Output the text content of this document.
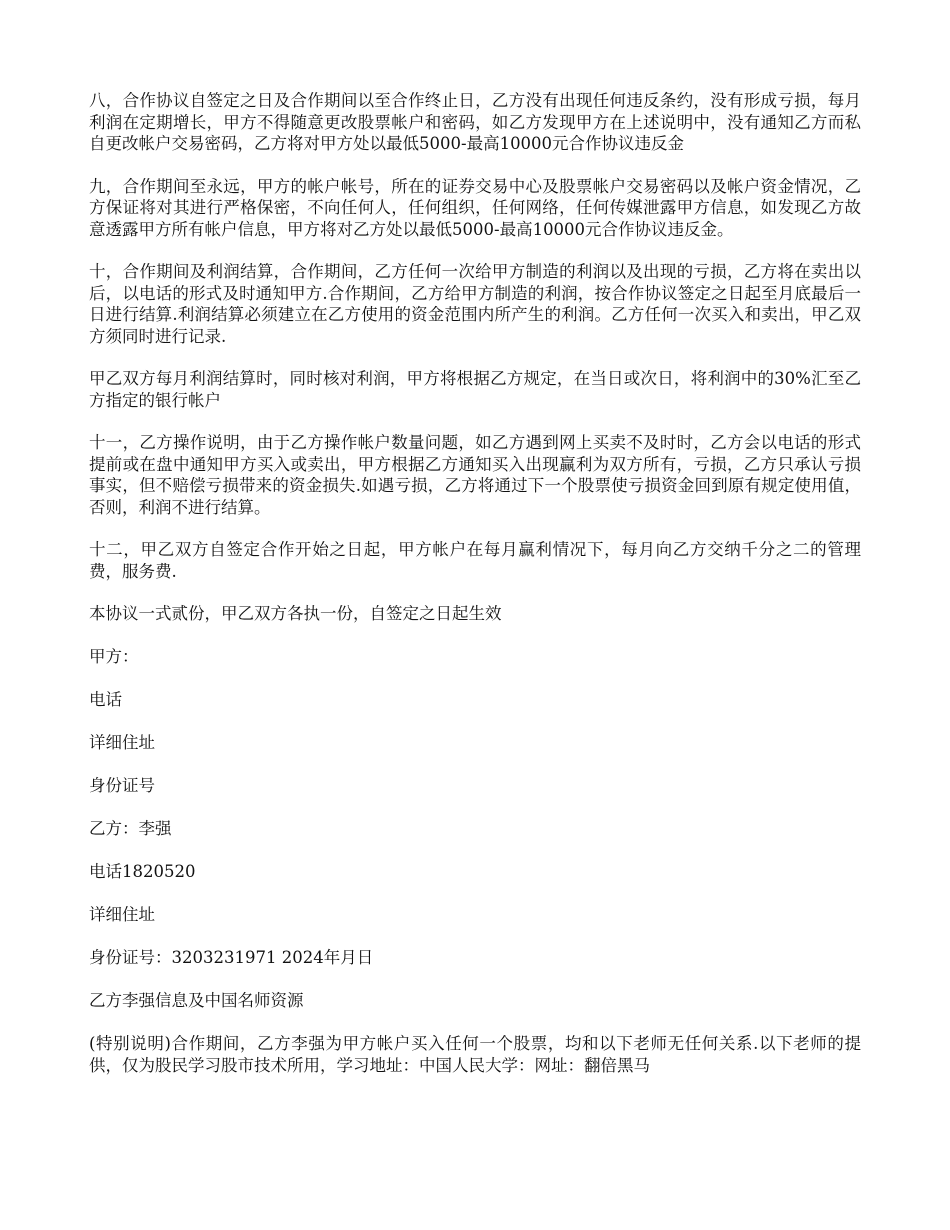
八，合作协议自签定之日及合作期间以至合作终止日，乙方没有出现任何违反条约，没有形成亏损，每月利润在定期增长，甲方不得随意更改股票帐户和密码，如乙方发现甲方在上述说明中，没有通知乙方而私自更改帐户交易密码，乙方将对甲方处以最低5000-最高10000元合作协议违反金

九，合作期间至永远，甲方的帐户帐号，所在的证券交易中心及股票帐户交易密码以及帐户资金情况，乙方保证将对其进行严格保密，不向任何人，任何组织，任何网络，任何传媒泄露甲方信息，如发现乙方故意透露甲方所有帐户信息，甲方将对乙方处以最低5000-最高10000元合作协议违反金。

十，合作期间及利润结算，合作期间，乙方任何一次给甲方制造的利润以及出现的亏损，乙方将在卖出以后，以电话的形式及时通知甲方.合作期间，乙方给甲方制造的利润，按合作协议签定之日起至月底最后一日进行结算.利润结算必须建立在乙方使用的资金范围内所产生的利润。乙方任何一次买入和卖出，甲乙双方须同时进行记录.

甲乙双方每月利润结算时，同时核对利润，甲方将根据乙方规定，在当日或次日，将利润中的30%汇至乙方指定的银行帐户

十一，乙方操作说明，由于乙方操作帐户数量问题，如乙方遇到网上买卖不及时时，乙方会以电话的形式提前或在盘中通知甲方买入或卖出，甲方根据乙方通知买入出现赢利为双方所有，亏损，乙方只承认亏损事实，但不赔偿亏损带来的资金损失.如遇亏损，乙方将通过下一个股票使亏损资金回到原有规定使用值，否则，利润不进行结算。

十二，甲乙双方自签定合作开始之日起，甲方帐户在每月赢利情况下，每月向乙方交纳千分之二的管理费，服务费.

本协议一式贰份，甲乙双方各执一份，自签定之日起生效

甲方：

电话

详细住址

身份证号

乙方：李强

电话1820520

详细住址

身份证号：3203231971 2024年月日

乙方李强信息及中国名师资源

(特别说明)合作期间，乙方李强为甲方帐户买入任何一个股票，均和以下老师无任何关系.以下老师的提供，仅为股民学习股市技术所用，学习地址：中国人民大学：网址：翻倍黑马
